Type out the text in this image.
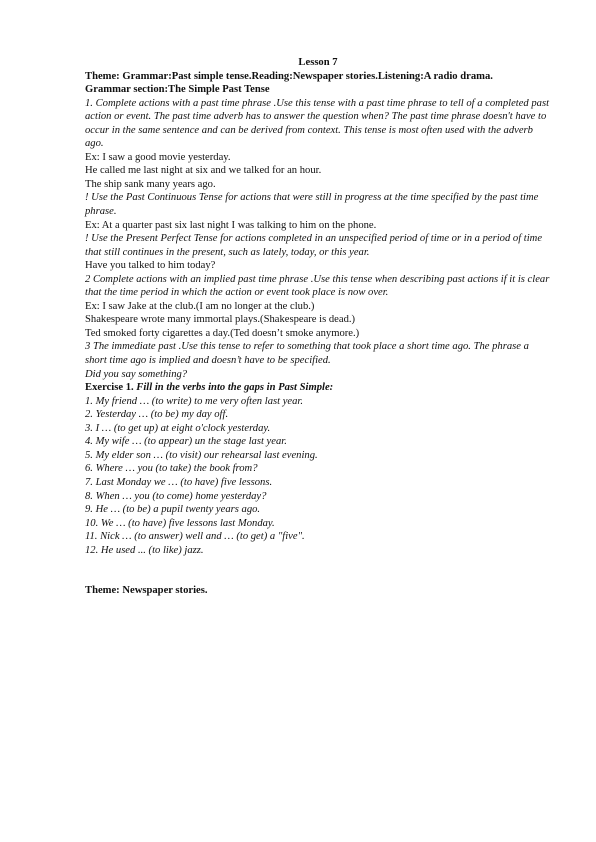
Lesson 7

Theme: Grammar:Past simple tense.Reading:Newspaper stories.Listening:A radio drama.

Grammar section:The Simple Past Tense

1. Complete actions with a past time phrase .Use this tense with a past time phrase to tell of a completed past action or event. The past time adverb has to answer the question when? The past time phrase doesn't have to occur in the same sentence and can be derived from context. This tense is most often used with the adverb ago.

Ex: I saw a good movie yesterday.

He called me last night at six and we talked for an hour.

The ship sank many years ago.

! Use the Past Continuous Tense for actions that were still in progress at the time specified by the past time phrase.

Ex: At a quarter past six last night I was talking to him on the phone.

! Use the Present Perfect Tense for actions completed in an unspecified period of time or in a period of time that still continues in the present, such as lately, today, or this year.

Have you talked to him today?

2 Complete actions with an implied past time phrase .Use this tense when describing past actions if it is clear that the time period in which the action or event took place is now over.

Ex: I saw Jake at the club.(I am no longer at the club.)

Shakespeare wrote many immortal plays.(Shakespeare is dead.)

Ted smoked forty cigarettes a day.(Ted doesn’t smoke anymore.)

3 The immediate past .Use this tense to refer to something that took place a short time ago. The phrase a short time ago is implied and doesn’t have to be specified.

Did you say something?

Exercise 1. Fill in the verbs into the gaps in Past Simple:

1. My friend … (to write) to me very often last year.

2. Yesterday … (to be) my day off.

3. I … (to get up) at eight o'clock yesterday.

4. My wife … (to appear) un the stage last year.

5. My elder son … (to visit) our rehearsal last evening.

6. Where … you (to take) the book from?

7. Last Monday we … (to have) five lessons.

8. When … you (to come) home yesterday?

9. He … (to be) a pupil twenty years ago.

10. We … (to have) five lessons last Monday.

11. Nick … (to answer) well and … (to get) a "five".

12. He used ... (to like) jazz.

Theme: Newspaper stories.
